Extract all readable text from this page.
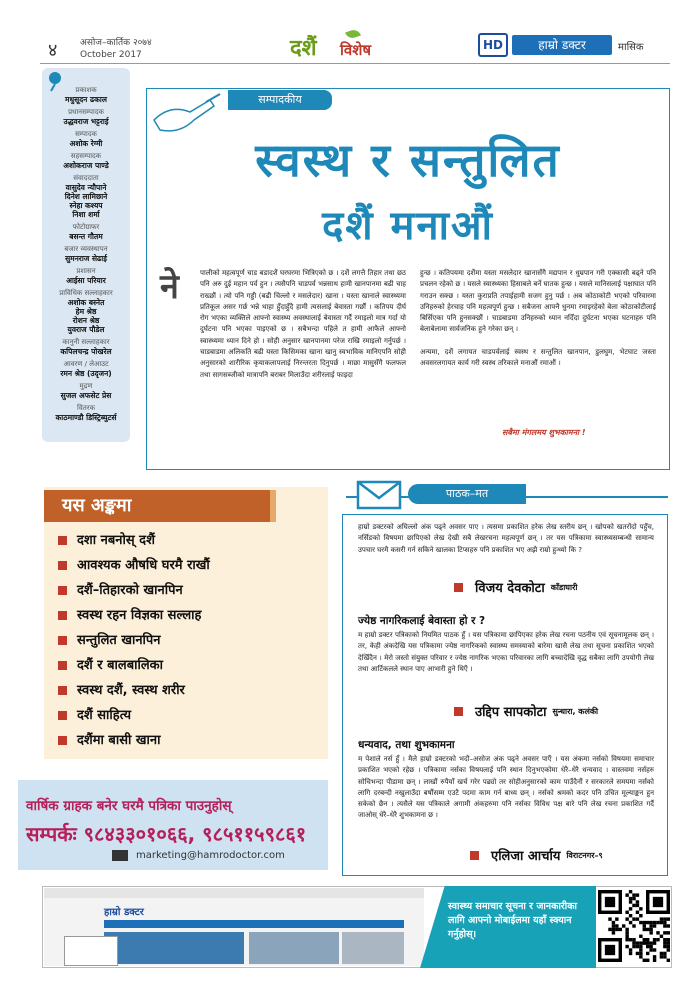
४	असोज–कार्तिक २०७४
October 2017	दशैं विशेष	HD	हाम्रो डक्टर	मासिक
प्रकाशक
मधुसूदन ढकाल
प्रधानसम्पादक
उद्धवराज भट्टराई
सम्पादक
अशोक रेग्मी
सहसम्पादक
अशोकराज पाण्डे
संवाददाता
वासुदेव न्यौपाने
दिनेश लामिछाने
स्नेहा कश्यप
निशा शर्मा
फोटोग्राफर
बसन्त गौतम
बजार व्यवस्थापन
सुमनराज सेढाई
प्रशासन
आईसा परियार
प्राविधिक सल्लाहकार
अशोक बस्नेत
हेम श्रेष्ठ
रोशन श्रेष्ठ
युवराज पौडेल
कानुनी सल्लाहकार
कपिलचन्द्र पोखरेल
आवरण / लेआउट
रमन श्रेष्ठ (उदृजन)
मुद्रण
सुजल अफसेट प्रेस
वितरक
काठमाण्डौ डिस्ट्रिब्युटर्स
सम्पादकीय
स्वस्थ र सन्तुलित
दशैं मनाऔं
ने	पालीको महत्वपूर्ण चाड बडादशैं घरघरमा भित्रिएको छ । दशैं लगत्तै तिहार तथा छठ पनि अरु दुई महान पर्व हुन । त्यसैपनि चाडपर्व भन्नसाथ हामी खानपानमा बढी चाह राख्छौं । त्यो पनि गड्डी (बढी चिल्लो र मसलेदार) खाना । यस्ता खानाले स्वास्थ्यमा प्रतिकूल असर गर्छ भन्ने थाहा हुँदाहुँदै हामी त्यसलाई बेवास्ता गर्छौं । कतिपय दीर्घ रोग भएका व्यक्तिले आफ्नो स्वास्थ्य अवस्थालाई बेवास्ता गर्दै रमाइलो मात्र गर्दा यो दुर्घटना पनि भएका पाइएको छ । सबैभन्दा पहिले त हामी आफैले आफ्नो स्वास्थ्यमा ध्यान दिने हो । सोही अनुसार खानपानमा परेज राखि रमाइलो गर्नुपर्छ । चाडबाडमा अलिकति बढी यस्ता किसिमका खाना खानु स्वभाविक मानिएपनि सोही अनुसारको शारीरिक कृयाकलापलाई निरन्तरता दिनुपर्छ । माछा मासुसँगै फलफल तथा सागसब्जीको मात्रापनि बराबर मिलाउँदा शरीरलाई फाइदा
हुन्छ । कतिपयमा दशैंमा यस्ता मसलेदार खानासँगै मद्यपान र धुम्रपान गरी एक्कासी बढ्ने पनि प्रचलन रहेको छ । यसले स्वास्थ्यका हिसाबले बर्ने घातक हुन्छ । यसले मानिसलाई पक्षाघात पनि गराउन सक्छ । यस्ता कुराप्रति तपाईहामी सजग हुनु पर्छ । अब कोठाकोटी भएको परिवारमा उनिहरुको हेरचाह पनि महत्वपूर्ण हुन्छ । सबैजना आफ्नै धुनमा रमाइरहेको बेला कोठाकोटीलाई बिर्सिएका पनि हुनसक्छौं । चाडबाडमा उनिहरुको ध्यान नदिँदा दुर्घटना भएका घटनाहरु पनि बेलाबेलामा सार्वजनिक हुने गरेका छन् ।

अन्यमा, दशैं लगायत चाडपर्वलाई स्वस्थ र सन्तुलित खानपान, डुलघुम, भेटघाट जस्ता अवसरलगायत कार्य गरी स्वस्थ तरिकाले मनाऔं रमाऔं ।
सबैमा मंगलमय शुभकामना !
यस अङ्कमा
दशा नबनोस् दशैं
आवश्यक औषधि घरमै राखौं
दशैं–तिहारको खानपिन
स्वस्थ रहन विज्ञका सल्लाह
सन्तुलित खानपिन
दशैं र बालबालिका
स्वस्थ दशैं, स्वस्थ शरीर
दशैं साहित्य
दशैंमा बासी खाना
वार्षिक ग्राहक बनेर घरमै पत्रिका पाउनुहोस्
सम्पर्कः ९८४३३०१०६६, ९८५११५९८६१
marketing@hamrodoctor.com
पाठक–मत
हाम्रो डक्टरको अघिल्लो अंक पढ्ने अवसर पाए । त्यसमा प्रकाशित हरेक लेख स्तरीय छन् । खोपको खतरोंदो पहुँच, नर्सिङको विषयमा छापिएको लेख देखी सबै लेखरचना महत्वपूर्ण छन् । तर यस पत्रिकामा स्वास्थ्यसम्बन्धी सामान्य उपचार घरमै कसरी गर्न सकिने खालका टिप्सहरु पनि प्रकाशित भए अझै राम्रो हुन्थ्यो कि ?
विजय देवकोटा काँडाघारी
ज्येष्ठ नागरिकलाई बेवास्ता हो र ?
म हाम्रो डक्टर पत्रिकाको नियमित पाठक हुँ । यस पत्रिकामा छापिएका हरेक लेख रचना पठनीय एवं सूचनामूलक छन् । तर, केही अंकदेखि यस पत्रिकामा ज्येष्ठ नागरिकको स्वास्थ्य समस्याको बारेमा खासै लेख तथा सूचना प्रकाशित भएको देखिँदैन । मेरो जस्तो संयुक्त परिवार र ज्येष्ठ नागरिक भएका परिवारका लागि बच्चादेखि वृद्ध सबैका लागि उपयोगी लेख तथा आर्टिकलले स्थान पाए आभारी हुने थिएँ ।
उद्दिप सापकोटा सुन्धारा, कलंकी
धन्यवाद, तथा शुभकामना
म पेशाले नर्स हुँ । मैले हाम्रो डक्टरको भदौ–असोज अंक पढ्ने अवसर पाएँ । यस अंकमा नर्सको विषयमा समाचार प्रकाशित भएको रहेछ । पत्रिकामा नर्सका विषयलाई पनि स्थान दिनुभएकोमा धेरै–धेरै धन्यवाद । वास्तवमा नर्सहरु सोचिभन्दा पीडामा छन् । लाखौं रुपैयाँ खर्च गरेर पढ्यो तर सोहीअनुसारको काम पाउँदैनौं र सरकारले समयमा नर्सको लागि दरबन्दी नखुलाउँदा बर्षौसम्म एउटै पदमा काम गर्न बाध्य छन् । नर्सको श्रमको कदर पनि उचित मूल्याङ्कन हुन सकेको छैन । त्यसैले यस पत्रिकाले अगामी अंकहरुमा पनि नर्सका विविध पक्ष बारे पनि लेख रचना प्रकाशित गर्दै जाओस् धेरै–धेरै शुभकामना छ ।
एलिजा आर्चाय विराटनगर–९
हाम्रो डक्टर
स्वास्थ्य समाचार सूचना र जानकारीका लागि आफ्नो मोबाईलमा यहाँ स्क्यान गर्नुहोस्।
